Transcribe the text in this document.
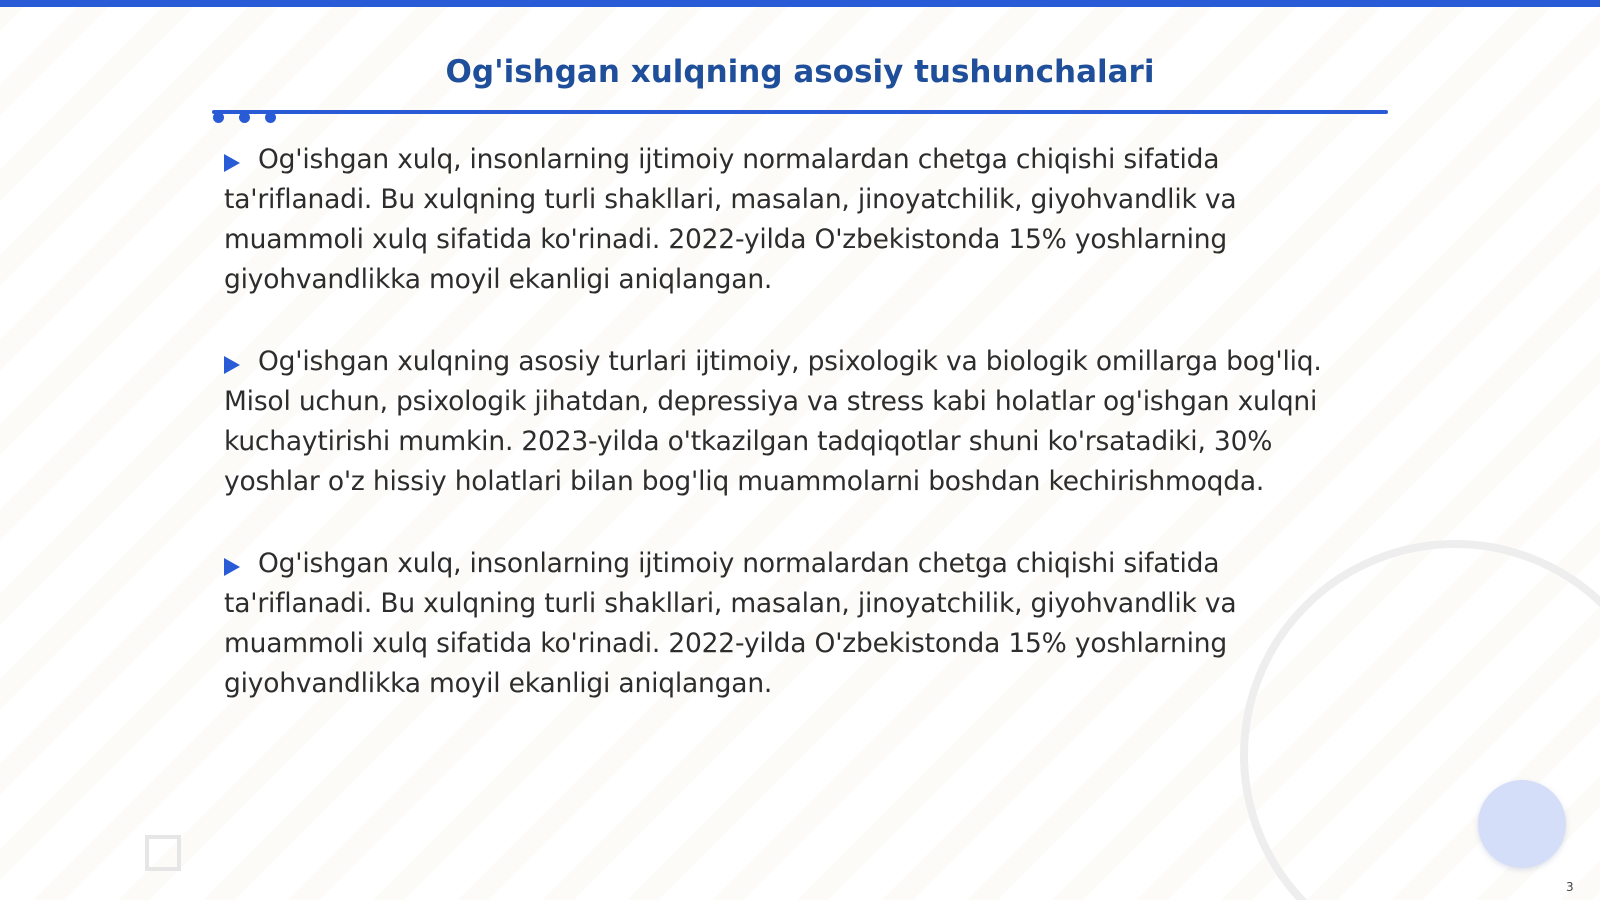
Og'ishgan xulqning asosiy tushunchalari

Og'ishgan xulq, insonlarning ijtimoiy normalardan chetga chiqishi sifatida ta'riflanadi. Bu xulqning turli shakllari, masalan, jinoyatchilik, giyohvandlik va muammoli xulq sifatida ko'rinadi. 2022-yilda O'zbekistonda 15% yoshlarning giyohvandlikka moyil ekanligi aniqlangan.

Og'ishgan xulqning asosiy turlari ijtimoiy, psixologik va biologik omillarga bog'liq. Misol uchun, psixologik jihatdan, depressiya va stress kabi holatlar og'ishgan xulqni kuchaytirishi mumkin. 2023-yilda o'tkazilgan tadqiqotlar shuni ko'rsatadiki, 30% yoshlar o'z hissiy holatlari bilan bog'liq muammolarni boshdan kechirishmoqda.

Og'ishgan xulq, insonlarning ijtimoiy normalardan chetga chiqishi sifatida ta'riflanadi. Bu xulqning turli shakllari, masalan, jinoyatchilik, giyohvandlik va muammoli xulq sifatida ko'rinadi. 2022-yilda O'zbekistonda 15% yoshlarning giyohvandlikka moyil ekanligi aniqlangan.

3
